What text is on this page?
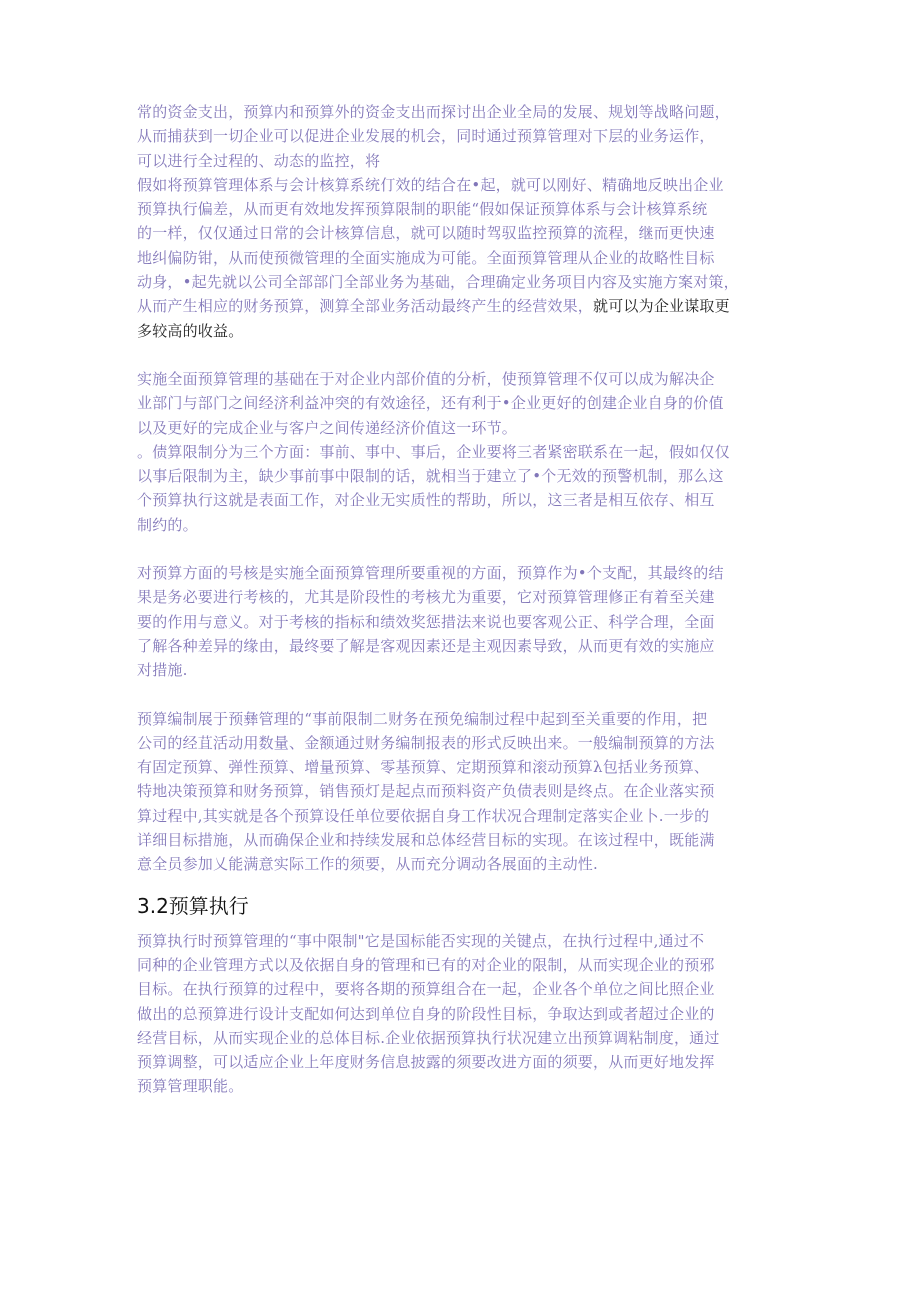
常的资金支出，预算内和预算外的资金支出而探讨出企业全局的发展、规划等战略问题，
从而捕获到一切企业可以促进企业发展的机会，同时通过预算管理对下层的业务运作，
可以进行全过程的、动态的监控，将

假如将预算管理体系与会计核算系统仃效的结合在•起，就可以刚好、精确地反映出企业
预算执行偏差，从而更有效地发挥预算限制的职能“假如保证预算体系与会计核算系统
的一样，仅仅通过日常的会计核算信息，就可以随时驾驭监控预算的流程，继而更快速
地纠偏防钳，从而使预微管理的全面实施成为可能。全面预算管理从企业的故略性目标
动身，•起先就以公司全部部门全部业务为基础，合理确定业务项目内容及实施方案对策，
从而产生相应的财务预算，测算全部业务活动最终产生的经营效果，就可以为企业谋取更
多较高的收益。

实施全面预算管理的基础在于对企业内部价值的分析，使预算管理不仅可以成为解决企
业部门与部门之间经济利益冲突的有效途径，还有利于•企业更好的创建企业自身的价值
以及更好的完成企业与客户之间传递经济价值这一环节。
。债算限制分为三个方面：事前、事中、事后，企业要将三者紧密联系在一起，假如仅仅
以事后限制为主，缺少事前事中限制的话，就相当于建立了•个无效的预警机制，那么这
个预算执行这就是表面工作，对企业无实质性的帮助，所以，这三者是相互依存、相互
制约的。

对预算方面的号核是实施全面预算管理所要重视的方面，预算作为•个支配，其最终的结
果是务必要进行考核的，尤其是阶段性的考核尤为重要，它对预算管理修正有着至关建
要的作用与意义。对于考核的指标和绩效奖惩措法来说也要客观公正、科学合理，全面
了解各种差异的缘由，最终要了解是客观因素还是主观因素导致，从而更有效的实施应
对措施.

预算编制展于预彝管理的“事前限制二财务在预免编制过程中起到至关重要的作用，把
公司的经苴活动用数量、金额通过财务编制报表的形式反映出来。一般编制预算的方法
有固定预算、弹性预算、增量预算、零基预算、定期预算和滚动预算λ包括业务预算、
特地决策预算和财务预算，销售预灯是起点而预料资产负债表则是终点。在企业落实预
算过程中,其实就是各个预算设任单位要依据自身工作状况合理制定落实企业卜.一步的
详细目标措施，从而确保企业和持续发展和总体经营目标的实现。在该过程中，既能满
意全员参加乂能满意实际工作的须要，从而充分调动各展面的主动性.

3.2预算执行

预算执行时预算管理的“事中限制"它是国标能否实现的关键点，在执行过程中,通过不
同种的企业管理方式以及依据自身的管理和已有的对企业的限制，从而实现企业的预邪
目标。在执行预算的过程中，要将各期的预算组合在一起，企业各个单位之间比照企业
做出的总预算进行设计支配如何达到单位自身的阶段性目标，争取达到或者超过企业的
经营目标，从而实现企业的总体目标.企业依据预算执行状况建立出预算调粘制度，通过
预算调整，可以适应企业上年度财务信息披露的须要改进方面的须要，从而更好地发挥
预算管理职能。
